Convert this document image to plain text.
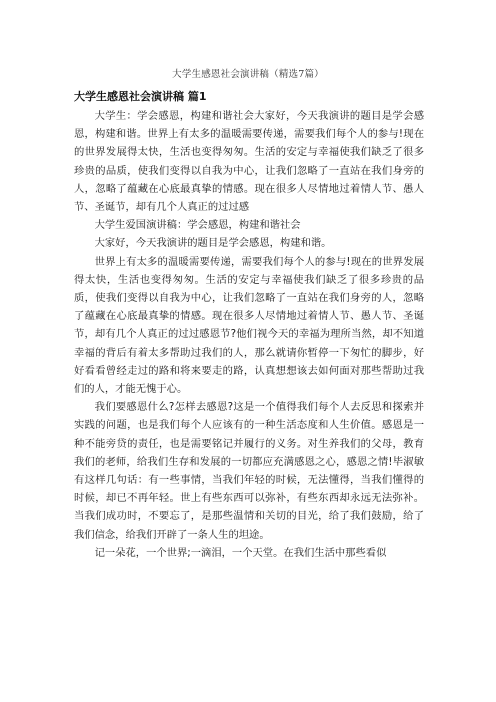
大学生感恩社会演讲稿（精选7篇）
大学生感恩社会演讲稿 篇1

大学生：学会感恩，构建和谐社会大家好，今天我演讲的题目是学会感恩，构建和谐。世界上有太多的温暖需要传递，需要我们每个人的参与!现在的世界发展得太快，生活也变得匆匆。生活的安定与幸福使我们缺乏了很多珍贵的品质，使我们变得以自我为中心，让我们忽略了一直站在我们身旁的人，忽略了蕴藏在心底最真挚的情感。现在很多人尽情地过着情人节、愚人节、圣诞节，却有几个人真正的过过感

大学生爱国演讲稿：学会感恩，构建和谐社会

大家好，今天我演讲的题目是学会感恩，构建和谐。

世界上有太多的温暖需要传递，需要我们每个人的参与!现在的世界发展得太快，生活也变得匆匆。生活的安定与幸福使我们缺乏了很多珍贵的品质，使我们变得以自我为中心，让我们忽略了一直站在我们身旁的人，忽略了蕴藏在心底最真挚的情感。现在很多人尽情地过着情人节、愚人节、圣诞节，却有几个人真正的过过感恩节?他们视今天的幸福为理所当然，却不知道幸福的背后有着太多帮助过我们的人，那么就请你暂停一下匆忙的脚步，好好看看曾经走过的路和将来要走的路，认真想想该去如何面对那些帮助过我们的人，才能无愧于心。

我们要感恩什么?怎样去感恩?这是一个值得我们每个人去反思和探索并实践的问题，也是我们每个人应该有的一种生活态度和人生价值。感恩是一种不能旁贷的责任，也是需要铭记并履行的义务。对生养我们的父母，教育我们的老师，给我们生存和发展的一切都应充满感恩之心，感恩之情!毕淑敏有这样几句话：有一些事情，当我们年轻的时候，无法懂得，当我们懂得的时候，却已不再年轻。世上有些东西可以弥补，有些东西却永远无法弥补。当我们成功时，不要忘了，是那些温情和关切的目光，给了我们鼓励，给了我们信念，给我们开辟了一条人生的坦途。

记一朵花，一个世界;一滴泪，一个天堂。在我们生活中那些看似
